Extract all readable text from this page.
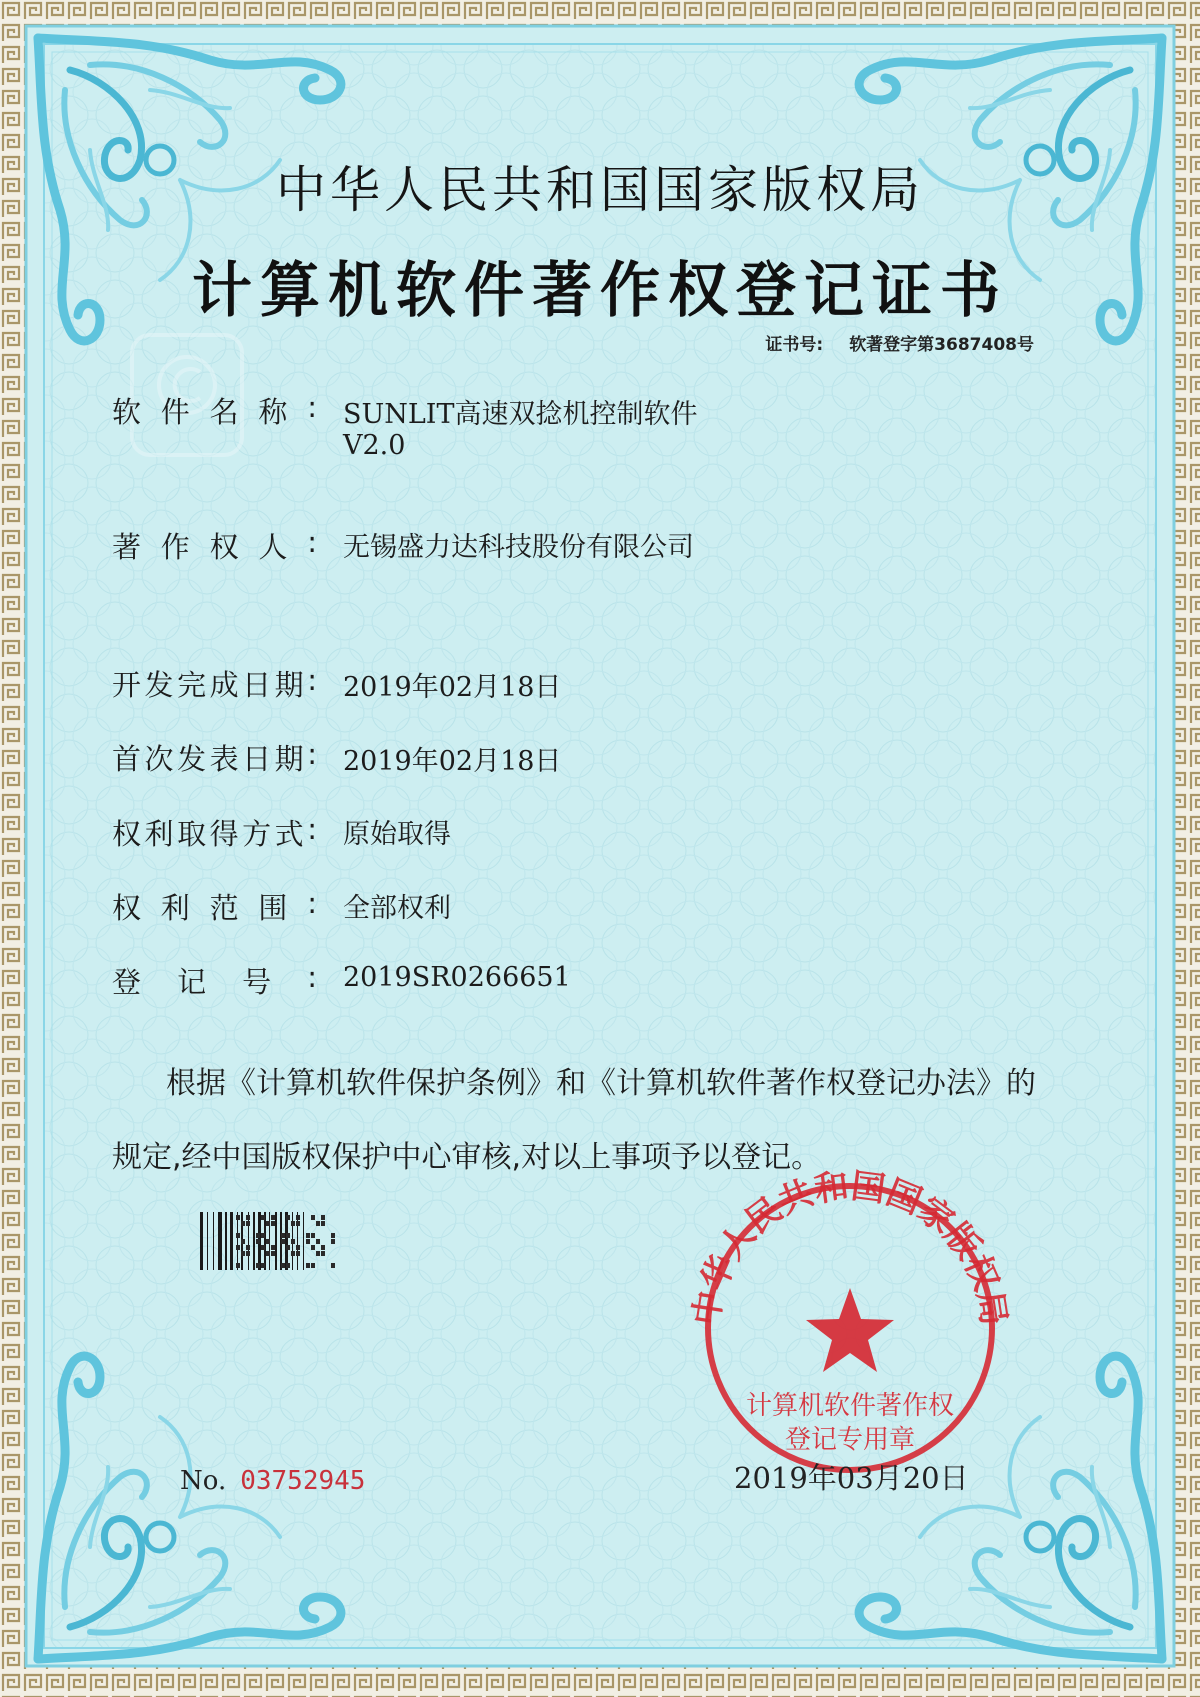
中华人民共和国国家版权局
计算机软件著作权
登记专用章
中华人民共和国国家版权局
计算机软件著作权登记证书
证书号: 软著登字第3687408号
软 件 名 称 : SUNLIT高速双捻机控制软件
V2.0
著 作 权 人 : 无锡盛力达科技股份有限公司
开 发 完 成 日 期 : 2019年02月18日
首 次 发 表 日 期 : 2019年02月18日
权 利 取 得 方 式 : 原始取得
权 利 范 围 : 全部权利
登 记 号 : 2019SR0266651
根据《计算机软件保护条例》和《计算机软件著作权登记办法》的
规定,经中国版权保护中心审核,对以上事项予以登记。
No. 03752945	2019年03月20日
